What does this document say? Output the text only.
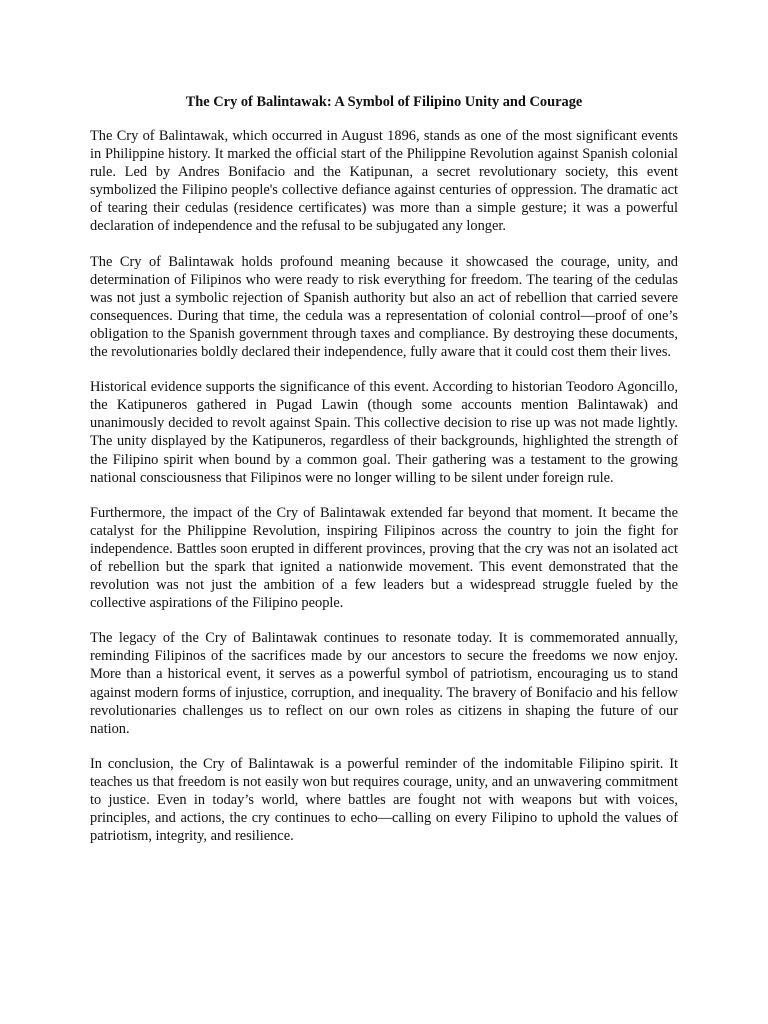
The Cry of Balintawak: A Symbol of Filipino Unity and Courage

The Cry of Balintawak, which occurred in August 1896, stands as one of the most significant events in Philippine history. It marked the official start of the Philippine Revolution against Spanish colonial rule. Led by Andres Bonifacio and the Katipunan, a secret revolutionary society, this event symbolized the Filipino people's collective defiance against centuries of oppression. The dramatic act of tearing their cedulas (residence certificates) was more than a simple gesture; it was a powerful declaration of independence and the refusal to be subjugated any longer.

The Cry of Balintawak holds profound meaning because it showcased the courage, unity, and determination of Filipinos who were ready to risk everything for freedom. The tearing of the cedulas was not just a symbolic rejection of Spanish authority but also an act of rebellion that carried severe consequences. During that time, the cedula was a representation of colonial control—proof of one’s obligation to the Spanish government through taxes and compliance. By destroying these documents, the revolutionaries boldly declared their independence, fully aware that it could cost them their lives.

Historical evidence supports the significance of this event. According to historian Teodoro Agoncillo, the Katipuneros gathered in Pugad Lawin (though some accounts mention Balintawak) and unanimously decided to revolt against Spain. This collective decision to rise up was not made lightly. The unity displayed by the Katipuneros, regardless of their backgrounds, highlighted the strength of the Filipino spirit when bound by a common goal. Their gathering was a testament to the growing national consciousness that Filipinos were no longer willing to be silent under foreign rule.

Furthermore, the impact of the Cry of Balintawak extended far beyond that moment. It became the catalyst for the Philippine Revolution, inspiring Filipinos across the country to join the fight for independence. Battles soon erupted in different provinces, proving that the cry was not an isolated act of rebellion but the spark that ignited a nationwide movement. This event demonstrated that the revolution was not just the ambition of a few leaders but a widespread struggle fueled by the collective aspirations of the Filipino people.

The legacy of the Cry of Balintawak continues to resonate today. It is commemorated annually, reminding Filipinos of the sacrifices made by our ancestors to secure the freedoms we now enjoy. More than a historical event, it serves as a powerful symbol of patriotism, encouraging us to stand against modern forms of injustice, corruption, and inequality. The bravery of Bonifacio and his fellow revolutionaries challenges us to reflect on our own roles as citizens in shaping the future of our nation.

In conclusion, the Cry of Balintawak is a powerful reminder of the indomitable Filipino spirit. It teaches us that freedom is not easily won but requires courage, unity, and an unwavering commitment to justice. Even in today’s world, where battles are fought not with weapons but with voices, principles, and actions, the cry continues to echo—calling on every Filipino to uphold the values of patriotism, integrity, and resilience.
